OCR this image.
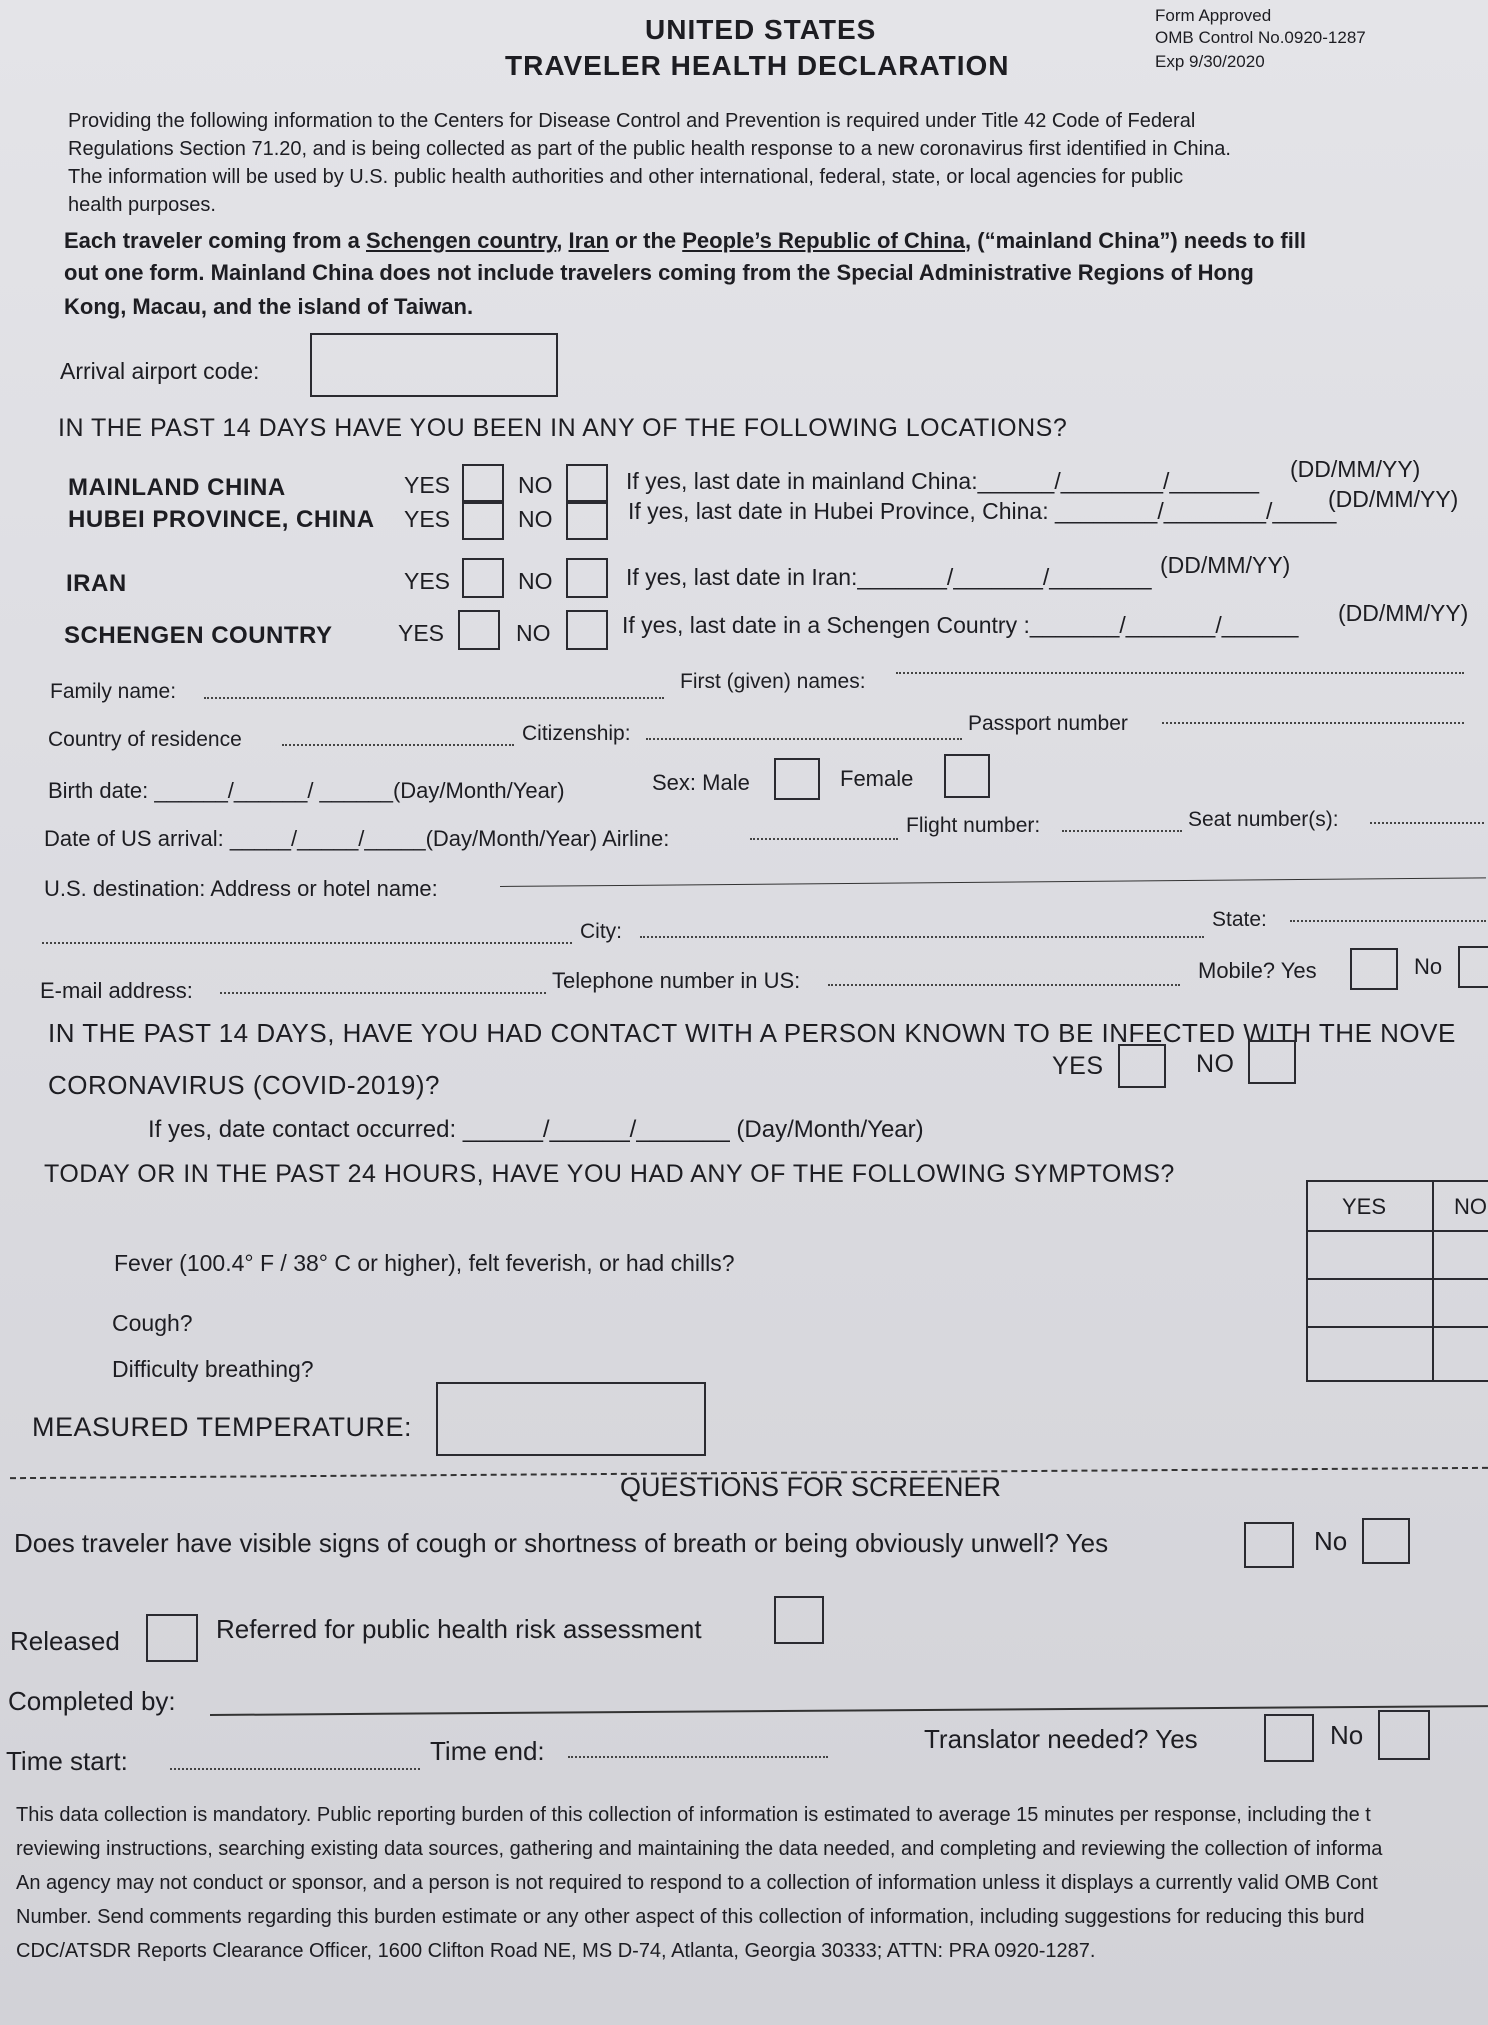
UNITED STATES
TRAVELER HEALTH DECLARATION
Form Approved
OMB Control No.0920-1287
Exp 9/30/2020
Providing the following information to the Centers for Disease Control and Prevention is required under Title 42 Code of Federal
Regulations Section 71.20, and is being collected as part of the public health response to a new coronavirus first identified in China.
The information will be used by U.S. public health authorities and other international, federal, state, or local agencies for public
health purposes.
Each traveler coming from a Schengen country, Iran or the People’s Republic of China, (“mainland China”) needs to fill
out one form. Mainland China does not include travelers coming from the Special Administrative Regions of Hong
Kong, Macau, and the island of Taiwan.
Arrival airport code:
IN THE PAST 14 DAYS HAVE YOU BEEN IN ANY OF THE FOLLOWING LOCATIONS?
MAINLAND CHINA	YES	NO	If yes, last date in mainland China:______/________/_______ (DD/MM/YY)
HUBEI PROVINCE, CHINA YES	NO	If yes, last date in Hubei Province, China: ________/________/_____
(DD/MM/YY)
IRAN	YES	NO	If yes, last date in Iran:_______/_______/________ (DD/MM/YY)
SCHENGEN COUNTRY	YES	NO	If yes, last date in a Schengen Country :_______/_______/______ (DD/MM/YY)
Family name:	First (given) names:
Country of residence	Citizenship:	Passport number
Birth date: ______/______/ ______(Day/Month/Year)	Sex: Male	Female
Date of US arrival: _____/_____/_____(Day/Month/Year) Airline:
Flight number:	Seat number(s):
U.S. destination: Address or hotel name:
City:
State:
E-mail address:	Telephone number in US:	Mobile? Yes	No
IN THE PAST 14 DAYS, HAVE YOU HAD CONTACT WITH A PERSON KNOWN TO BE INFECTED WITH THE NOVE
CORONAVIRUS (COVID-2019)?
YES	NO
If yes, date contact occurred: ______/______/_______ (Day/Month/Year)
TODAY OR IN THE PAST 24 HOURS, HAVE YOU HAD ANY OF THE FOLLOWING SYMPTOMS?
YES	NO
Fever (100.4° F / 38° C or higher), felt feverish, or had chills?
Cough?
Difficulty breathing?
MEASURED TEMPERATURE:
QUESTIONS FOR SCREENER
Does traveler have visible signs of cough or shortness of breath or being obviously unwell? Yes	No
Released	Referred for public health risk assessment
Completed by:
Time start:	Time end:	Translator needed? Yes	No
This data collection is mandatory. Public reporting burden of this collection of information is estimated to average 15 minutes per response, including the t
reviewing instructions, searching existing data sources, gathering and maintaining the data needed, and completing and reviewing the collection of informa
An agency may not conduct or sponsor, and a person is not required to respond to a collection of information unless it displays a currently valid OMB Cont
Number. Send comments regarding this burden estimate or any other aspect of this collection of information, including suggestions for reducing this burd
CDC/ATSDR Reports Clearance Officer, 1600 Clifton Road NE, MS D-74, Atlanta, Georgia 30333; ATTN: PRA 0920-1287.
